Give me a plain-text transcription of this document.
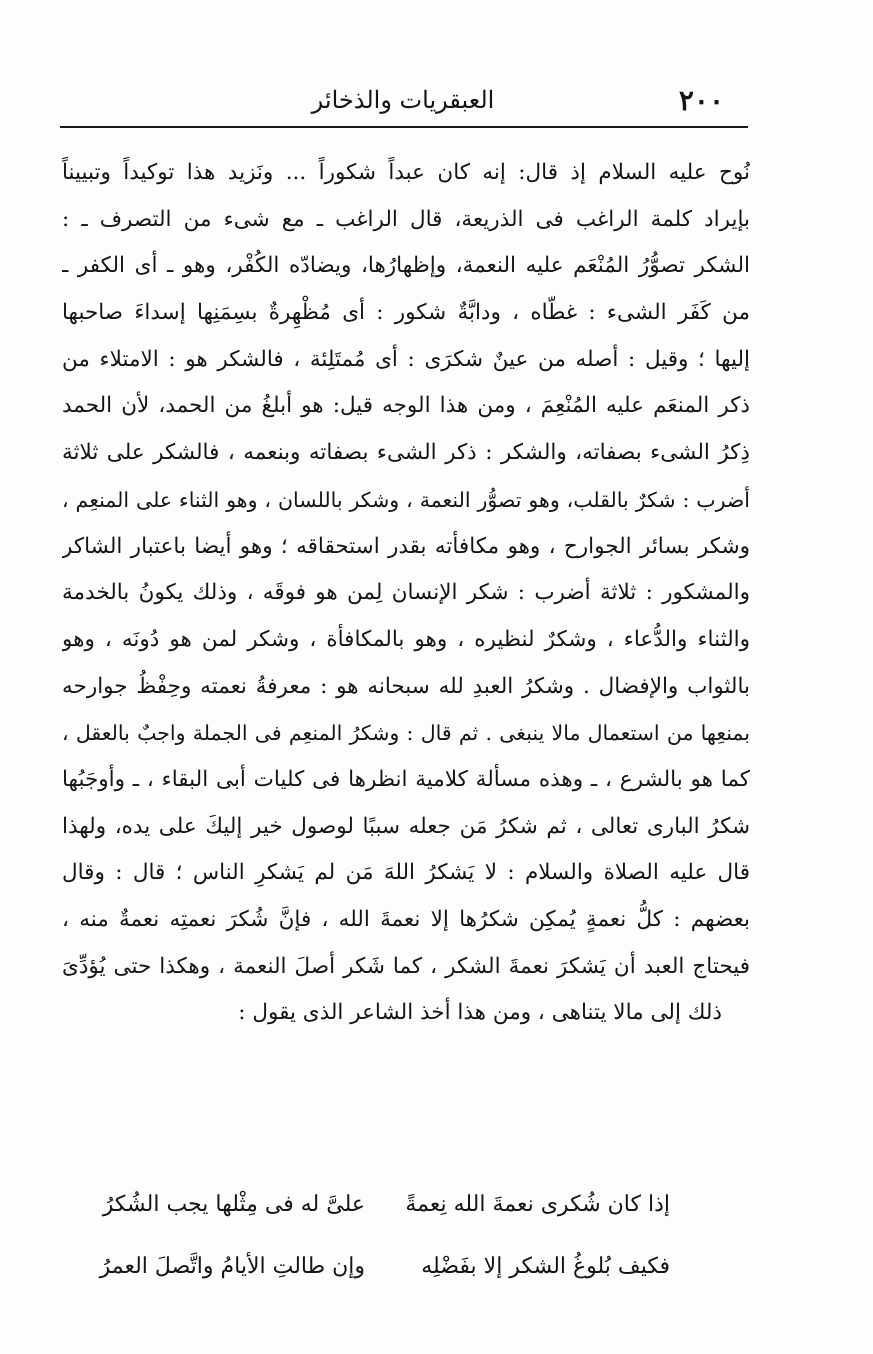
٢٠٠
العبقريات والذخائر
نُوح عليه السلام إذ قال: إنه كان عبداً شكوراً ... ونَزيد هذا توكيداً وتبييناً
بإيراد كلمة الراغب فى الذريعة، قال الراغب ـ مع شىء من التصرف ـ :
الشكر تصوُّرُ المُنْعَم عليه النعمة، وإظهارُها، ويضادّه الكُفْر، وهو ـ أى الكفر ـ
من كَفَر الشىء : غطّاه ، ودابَّةٌ شكور : أى مُظْهِرةٌ بسِمَنِها إسداءَ صاحبها
إليها ؛ وقيل : أصله من عينٌ شكرَى : أى مُمتَلِئة ، فالشكر هو : الامتلاء من
ذكر المنعَم عليه المُنْعِمَ ، ومن هذا الوجه قيل: هو أبلغُ من الحمد، لأن الحمد
ذِكرُ الشىء بصفاته، والشكر : ذكر الشىء بصفاته وبنعمه ، فالشكر على ثلاثة
أضرب : شكرٌ بالقلب، وهو تصوُّر النعمة ، وشكر باللسان ، وهو الثناء على المنعِم ،
وشكر بسائر الجوارح ، وهو مكافأته بقدر استحقاقه ؛ وهو أيضا باعتبار الشاكر
والمشكور : ثلاثة أضرب : شكر الإنسان لِمن هو فوقَه ، وذلك يكونُ بالخدمة
والثناء والدُّعاء ، وشكرٌ لنظيره ، وهو بالمكافأة ، وشكر لمن هو دُونَه ، وهو
بالثواب والإفضال . وشكرُ العبدِ لله سبحانه هو : معرفةُ نعمته وحِفْظُ جوارحه
بمنعِها من استعمال مالا ينبغى . ثم قال : وشكرُ المنعِم فى الجملة واجبٌ بالعقل ،
كما هو بالشرع ، ـ وهذه مسألة كلامية انظرها فى كليات أبى البقاء ، ـ وأوجَبُها
شكرُ البارى تعالى ، ثم شكرُ مَن جعله سببًا لوصول خير إليكَ على يده، ولهذا
قال عليه الصلاة والسلام : لا يَشكرُ اللهَ مَن لم يَشكرِ الناس ؛ قال : وقال
بعضهم : كلُّ نعمةٍ يُمكِن شكرُها إلا نعمةَ الله ، فإنَّ شُكرَ نعمتِه نعمةٌ منه ،
فيحتاج العبد أن يَشكرَ نعمةَ الشكر ، كما شَكر أصلَ النعمة ، وهكذا حتى يُؤدِّىَ
ذلك إلى مالا يتناهى ، ومن هذا أخذ الشاعر الذى يقول :
إذا كان شُكرى نعمةَ الله نِعمةً
علىَّ له فى مِثْلها يجب الشُكرُ
فكيف بُلوغُ الشكر إلا بفَضْلِه
وإن طالتِ الأيامُ واتَّصلَ العمرُ
